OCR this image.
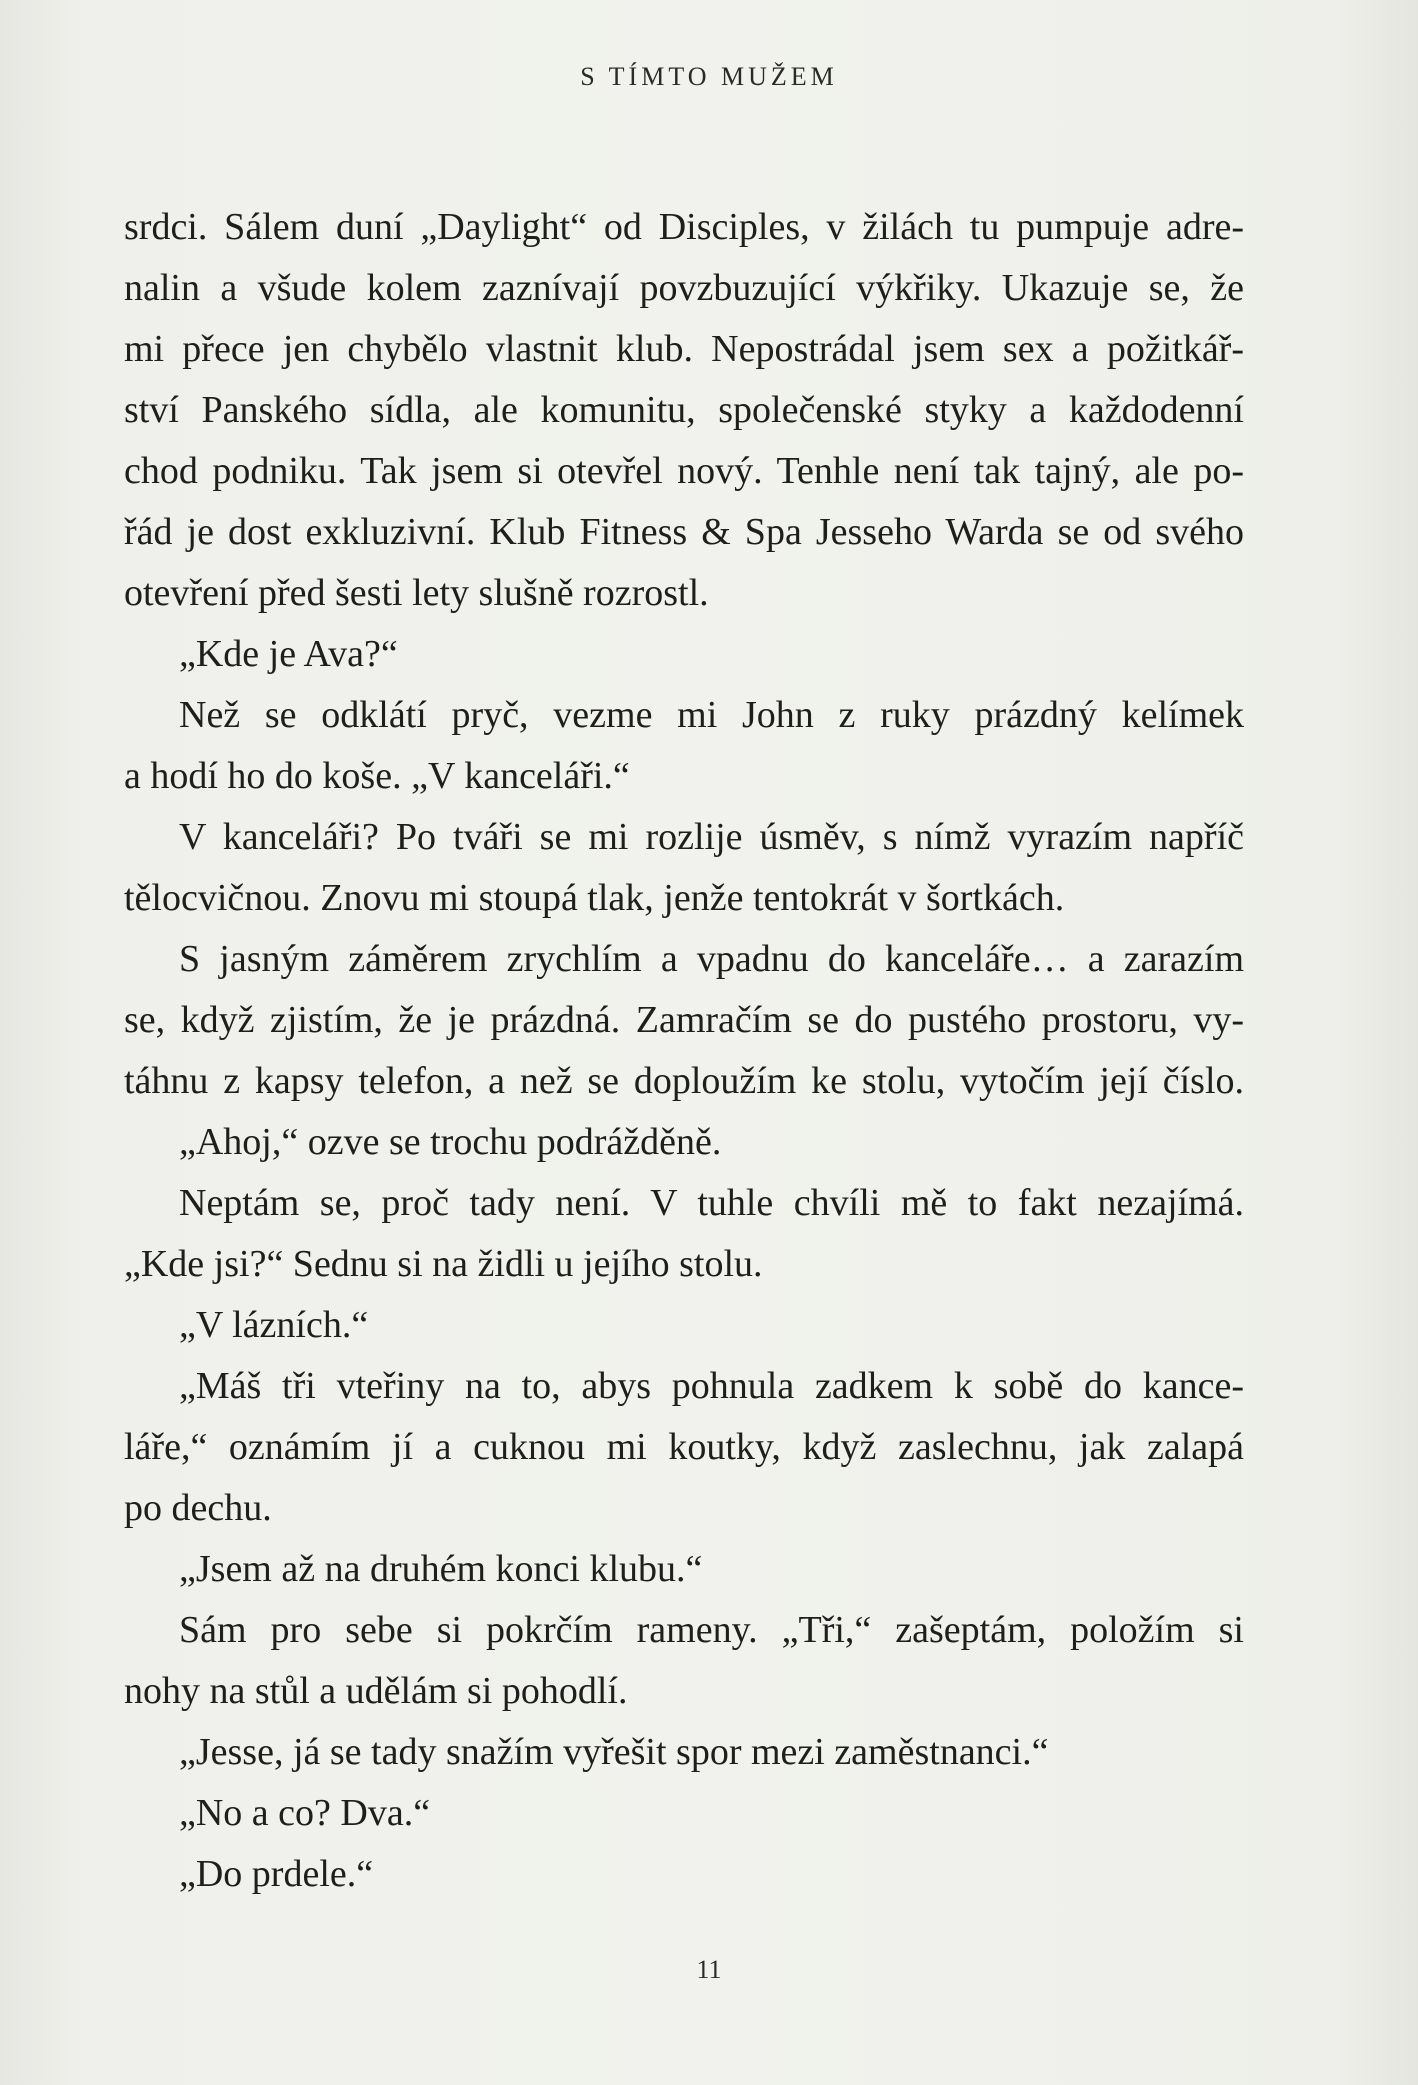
S TÍMTO MUŽEM
srdci. Sálem duní „Daylight“ od Disciples, v žilách tu pumpuje adre-
nalin a všude kolem zaznívají povzbuzující výkřiky. Ukazuje se, že
mi přece jen chybělo vlastnit klub. Nepostrádal jsem sex a požitkář-
ství Panského sídla, ale komunitu, společenské styky a každodenní
chod podniku. Tak jsem si otevřel nový. Tenhle není tak tajný, ale po-
řád je dost exkluzivní. Klub Fitness & Spa Jesseho Warda se od svého
otevření před šesti lety slušně rozrostl.
„Kde je Ava?“
Než se odklátí pryč, vezme mi John z ruky prázdný kelímek
a hodí ho do koše. „V kanceláři.“
V kanceláři? Po tváři se mi rozlije úsměv, s nímž vyrazím napříč
tělocvičnou. Znovu mi stoupá tlak, jenže tentokrát v šortkách.
S jasným záměrem zrychlím a vpadnu do kanceláře… a zarazím
se, když zjistím, že je prázdná. Zamračím se do pustého prostoru, vy-
táhnu z kapsy telefon, a než se doploužím ke stolu, vytočím její číslo.
„Ahoj,“ ozve se trochu podrážděně.
Neptám se, proč tady není. V tuhle chvíli mě to fakt nezajímá.
„Kde jsi?“ Sednu si na židli u jejího stolu.
„V lázních.“
„Máš tři vteřiny na to, abys pohnula zadkem k sobě do kance-
láře,“ oznámím jí a cuknou mi koutky, když zaslechnu, jak zalapá
po dechu.
„Jsem až na druhém konci klubu.“
Sám pro sebe si pokrčím rameny. „Tři,“ zašeptám, položím si
nohy na stůl a udělám si pohodlí.
„Jesse, já se tady snažím vyřešit spor mezi zaměstnanci.“
„No a co? Dva.“
„Do prdele.“
11
